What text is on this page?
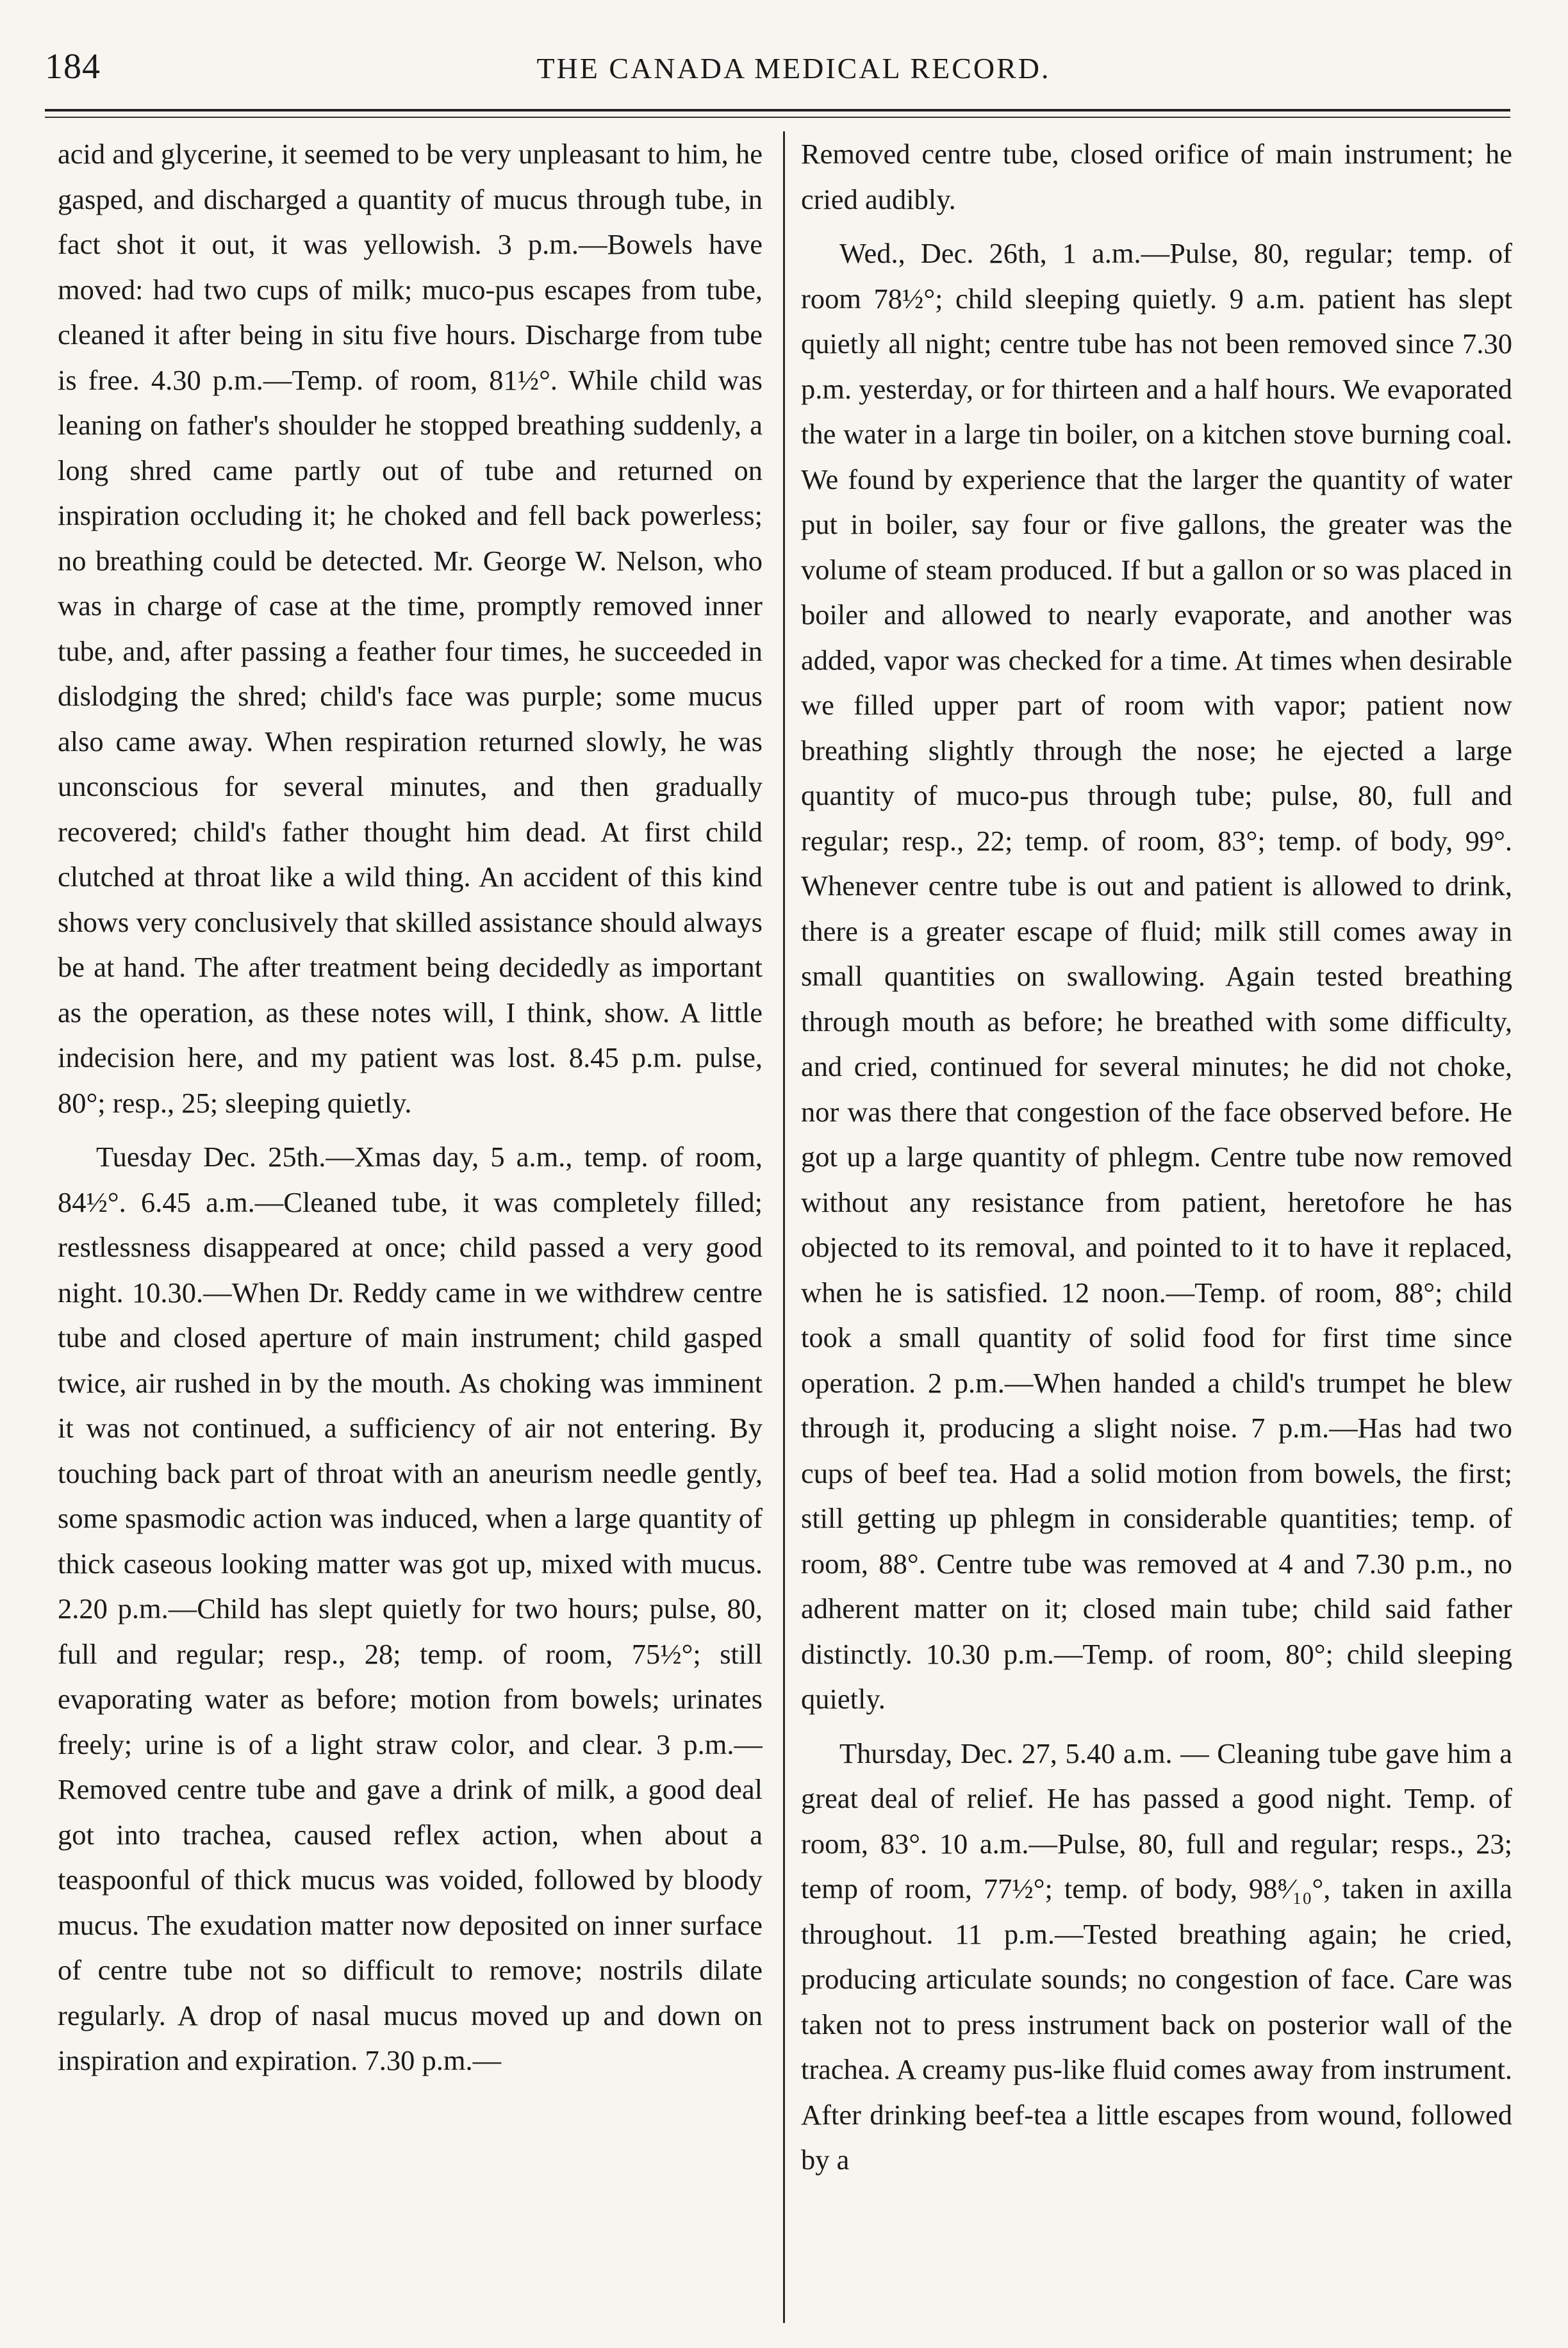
184	THE CANADA MEDICAL RECORD.

acid and glycerine, it seemed to be very unpleasant to him, he gasped, and discharged a quantity of mucus through tube, in fact shot it out, it was yellowish. 3 p.m.—Bowels have moved: had two cups of milk; muco-pus escapes from tube, cleaned it after being in situ five hours. Discharge from tube is free. 4.30 p.m.—Temp. of room, 81½°. While child was leaning on father's shoulder he stopped breathing suddenly, a long shred came partly out of tube and returned on inspiration occluding it; he choked and fell back powerless; no breathing could be detected. Mr. George W. Nelson, who was in charge of case at the time, promptly removed inner tube, and, after passing a feather four times, he succeeded in dislodging the shred; child's face was purple; some mucus also came away. When respiration returned slowly, he was unconscious for several minutes, and then gradually recovered; child's father thought him dead. At first child clutched at throat like a wild thing. An accident of this kind shows very conclusively that skilled assistance should always be at hand. The after treatment being decidedly as important as the operation, as these notes will, I think, show. A little indecision here, and my patient was lost. 8.45 p.m. pulse, 80°; resp., 25; sleeping quietly.

Tuesday Dec. 25th.—Xmas day, 5 a.m., temp. of room, 84½°. 6.45 a.m.—Cleaned tube, it was completely filled; restlessness disappeared at once; child passed a very good night. 10.30.—When Dr. Reddy came in we withdrew centre tube and closed aperture of main instrument; child gasped twice, air rushed in by the mouth. As choking was imminent it was not continued, a sufficiency of air not entering. By touching back part of throat with an aneurism needle gently, some spasmodic action was induced, when a large quantity of thick caseous looking matter was got up, mixed with mucus. 2.20 p.m.—Child has slept quietly for two hours; pulse, 80, full and regular; resp., 28; temp. of room, 75½°; still evaporating water as before; motion from bowels; urinates freely; urine is of a light straw color, and clear. 3 p.m.—Removed centre tube and gave a drink of milk, a good deal got into trachea, caused reflex action, when about a teaspoonful of thick mucus was voided, followed by bloody mucus. The exudation matter now deposited on inner surface of centre tube not so difficult to remove; nostrils dilate regularly. A drop of nasal mucus moved up and down on inspiration and expiration. 7.30 p.m.—

Removed centre tube, closed orifice of main instrument; he cried audibly.

Wed., Dec. 26th, 1 a.m.—Pulse, 80, regular; temp. of room 78½°; child sleeping quietly. 9 a.m. patient has slept quietly all night; centre tube has not been removed since 7.30 p.m. yesterday, or for thirteen and a half hours. We evaporated the water in a large tin boiler, on a kitchen stove burning coal. We found by experience that the larger the quantity of water put in boiler, say four or five gallons, the greater was the volume of steam produced. If but a gallon or so was placed in boiler and allowed to nearly evaporate, and another was added, vapor was checked for a time. At times when desirable we filled upper part of room with vapor; patient now breathing slightly through the nose; he ejected a large quantity of muco-pus through tube; pulse, 80, full and regular; resp., 22; temp. of room, 83°; temp. of body, 99°. Whenever centre tube is out and patient is allowed to drink, there is a greater escape of fluid; milk still comes away in small quantities on swallowing. Again tested breathing through mouth as before; he breathed with some difficulty, and cried, continued for several minutes; he did not choke, nor was there that congestion of the face observed before. He got up a large quantity of phlegm. Centre tube now removed without any resistance from patient, heretofore he has objected to its removal, and pointed to it to have it replaced, when he is satisfied. 12 noon.—Temp. of room, 88°; child took a small quantity of solid food for first time since operation. 2 p.m.—When handed a child's trumpet he blew through it, producing a slight noise. 7 p.m.—Has had two cups of beef tea. Had a solid motion from bowels, the first; still getting up phlegm in considerable quantities; temp. of room, 88°. Centre tube was removed at 4 and 7.30 p.m., no adherent matter on it; closed main tube; child said father distinctly. 10.30 p.m.—Temp. of room, 80°; child sleeping quietly.

Thursday, Dec. 27, 5.40 a.m. — Cleaning tube gave him a great deal of relief. He has passed a good night. Temp. of room, 83°. 10 a.m.—Pulse, 80, full and regular; resps., 23; temp of room, 77½°; temp. of body, 98⁸⁄₁₀°, taken in axilla throughout. 11 p.m.—Tested breathing again; he cried, producing articulate sounds; no congestion of face. Care was taken not to press instrument back on posterior wall of the trachea. A creamy pus-like fluid comes away from instrument. After drinking beef-tea a little escapes from wound, followed by a
